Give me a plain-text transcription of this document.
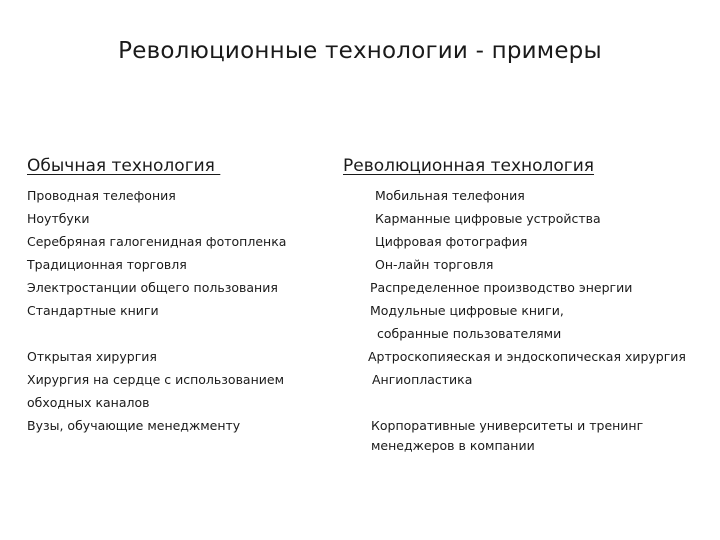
Революционные технологии - примеры
Обычная технология	Революционная технология
Проводная телефония
Ноутбуки
Серебряная галогенидная фотопленка
Традиционная торговля
Электростанции общего пользования
Стандартные книги
Открытая хирургия
Хирургия на сердце с использованием
обходных каналов
Вузы, обучающие менеджменту
Мобильная телефония
Карманные цифровые устройства
Цифровая фотография
Он-лайн торговля
Распределенное производство энергии
Модульные цифровые книги,
собранные пользователями
Артроскопияеская и эндоскопическая хирургия
Ангиопластика
Корпоративные университеты и тренинг
менеджеров в компании
